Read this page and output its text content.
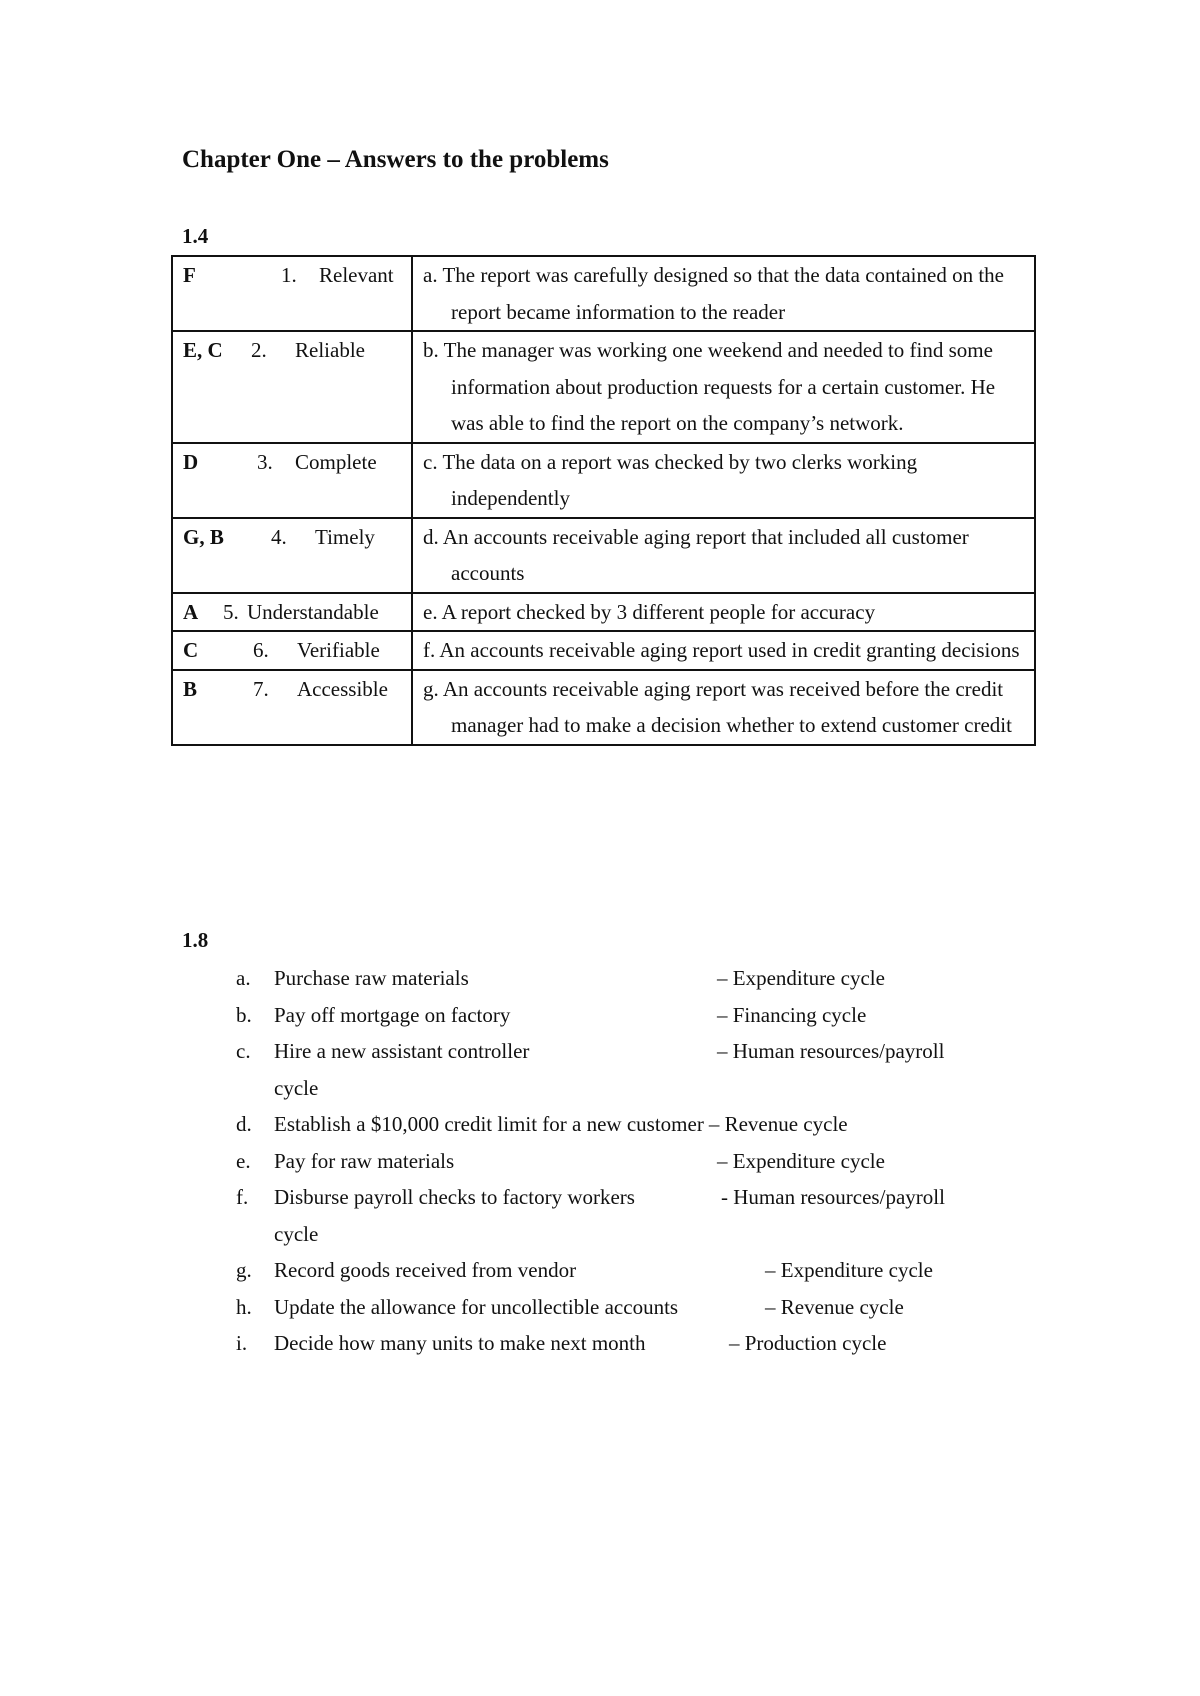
Chapter One – Answers to the problems
1.4
F 1. Relevant	a. The report was carefully designed so that the data contained on the report became information to the reader

E, C 2. Reliable	b. The manager was working one weekend and needed to find some information about production requests for a certain customer. He was able to find the report on the company’s network.

D 3. Complete	c. The data on a report was checked by two clerks working independently

G, B 4. Timely	d. An accounts receivable aging report that included all customer accounts

A 5. Understandable	e. A report checked by 3 different people for accuracy

C 6. Verifiable	f. An accounts receivable aging report used in credit granting decisions

B 7. Accessible	g. An accounts receivable aging report was received before the credit manager had to make a decision whether to extend customer credit
1.8
a. Purchase raw materials	– Expenditure cycle
b. Pay off mortgage on factory	– Financing cycle
c. Hire a new assistant controller	– Human resources/payroll
cycle
d. Establish a $10,000 credit limit for a new customer – Revenue cycle
e. Pay for raw materials	– Expenditure cycle
f. Disburse payroll checks to factory workers	- Human resources/payroll
cycle
g. Record goods received from vendor	– Expenditure cycle
h. Update the allowance for uncollectible accounts	– Revenue cycle
i. Decide how many units to make next month	– Production cycle
